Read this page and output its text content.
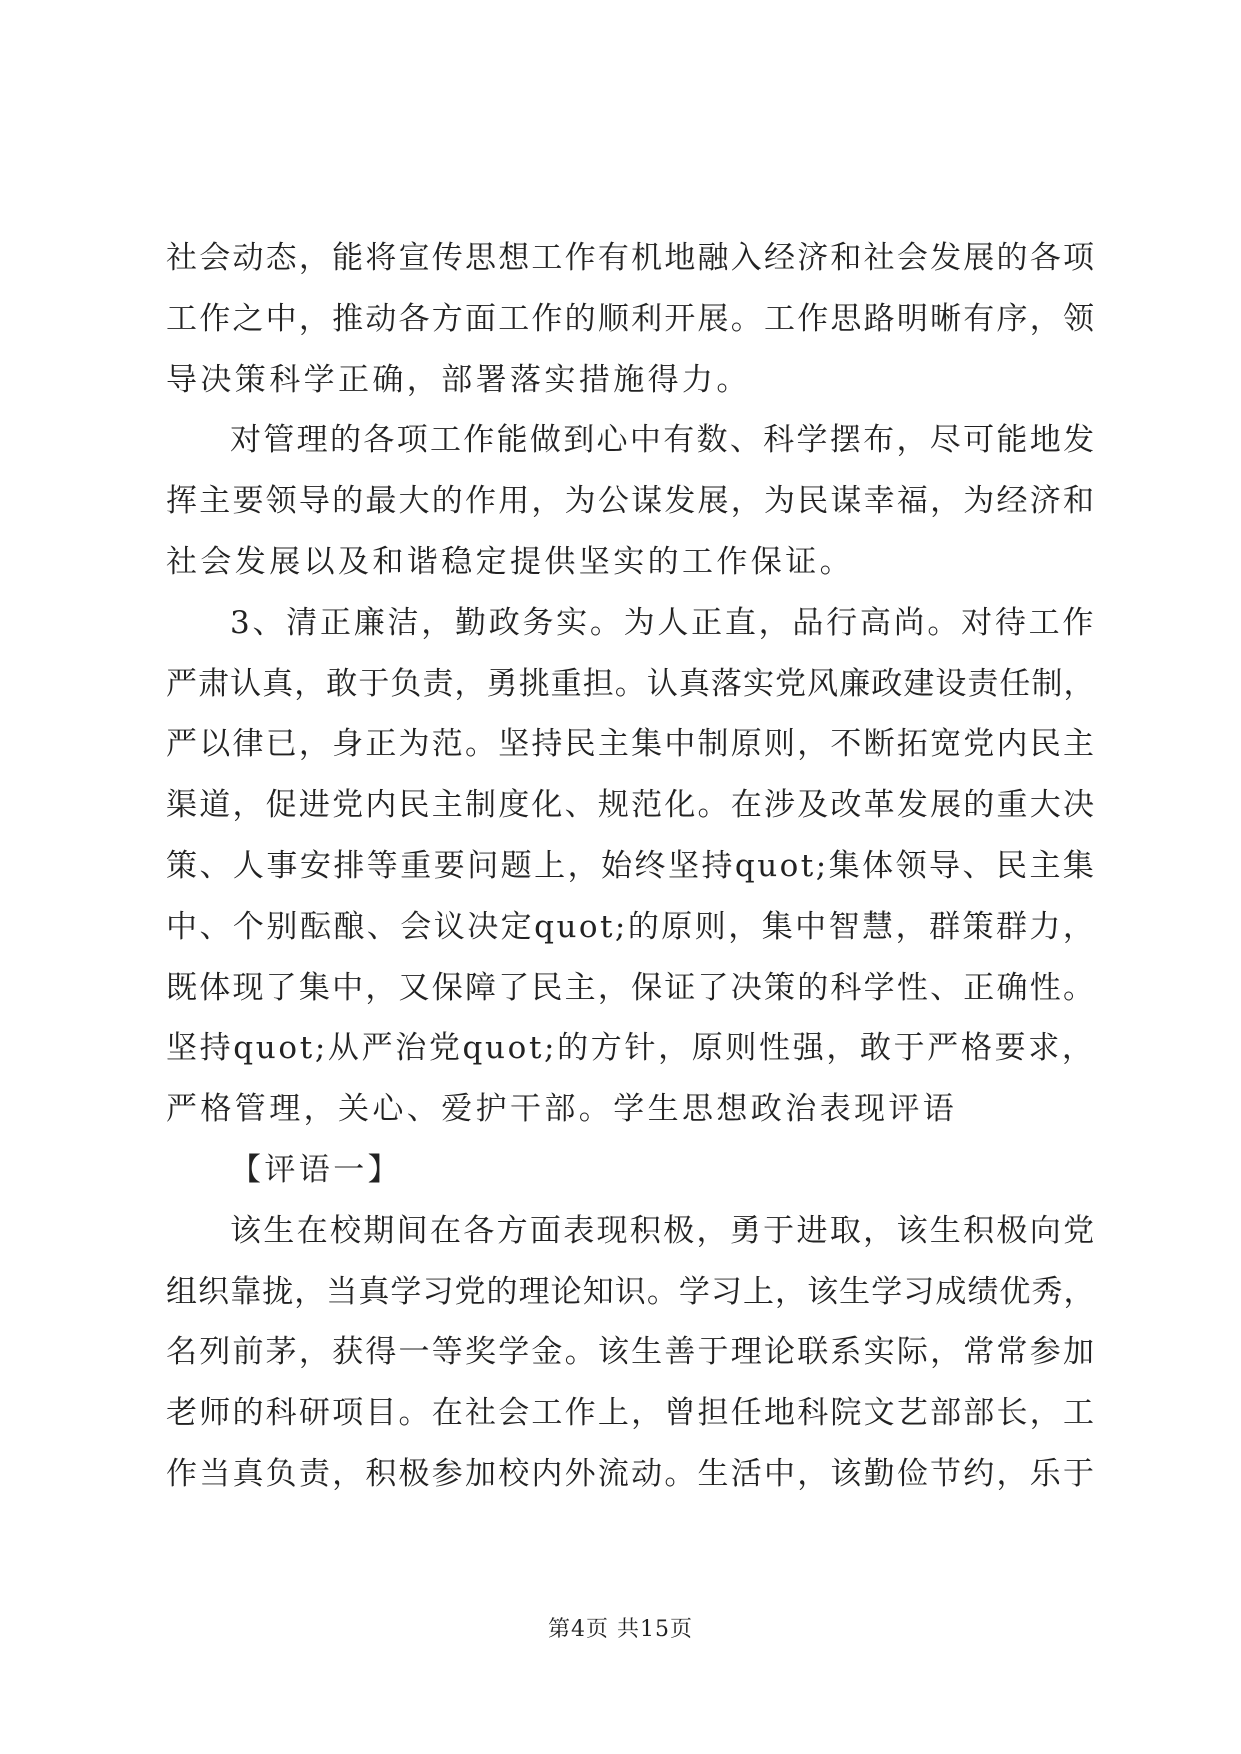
社会动态，能将宣传思想工作有机地融入经济和社会发展的各项
工作之中，推动各方面工作的顺利开展。工作思路明晰有序，领
导决策科学正确，部署落实措施得力。
对管理的各项工作能做到心中有数、科学摆布，尽可能地发
挥主要领导的最大的作用，为公谋发展，为民谋幸福，为经济和
社会发展以及和谐稳定提供坚实的工作保证。
3、清正廉洁，勤政务实。为人正直，品行高尚。对待工作
严肃认真，敢于负责，勇挑重担。认真落实党风廉政建设责任制，
严以律已，身正为范。坚持民主集中制原则，不断拓宽党内民主
渠道，促进党内民主制度化、规范化。在涉及改革发展的重大决
策、人事安排等重要问题上，始终坚持quot;集体领导、民主集
中、个别酝酿、会议决定quot;的原则，集中智慧，群策群力，
既体现了集中，又保障了民主，保证了决策的科学性、正确性。
坚持quot;从严治党quot;的方针，原则性强，敢于严格要求，
严格管理，关心、爱护干部。学生思想政治表现评语
【评语一】
该生在校期间在各方面表现积极，勇于进取，该生积极向党
组织靠拢，当真学习党的理论知识。学习上，该生学习成绩优秀，
名列前茅，获得一等奖学金。该生善于理论联系实际，常常参加
老师的科研项目。在社会工作上，曾担任地科院文艺部部长，工
作当真负责，积极参加校内外流动。生活中，该勤俭节约，乐于
第4页 共15页
